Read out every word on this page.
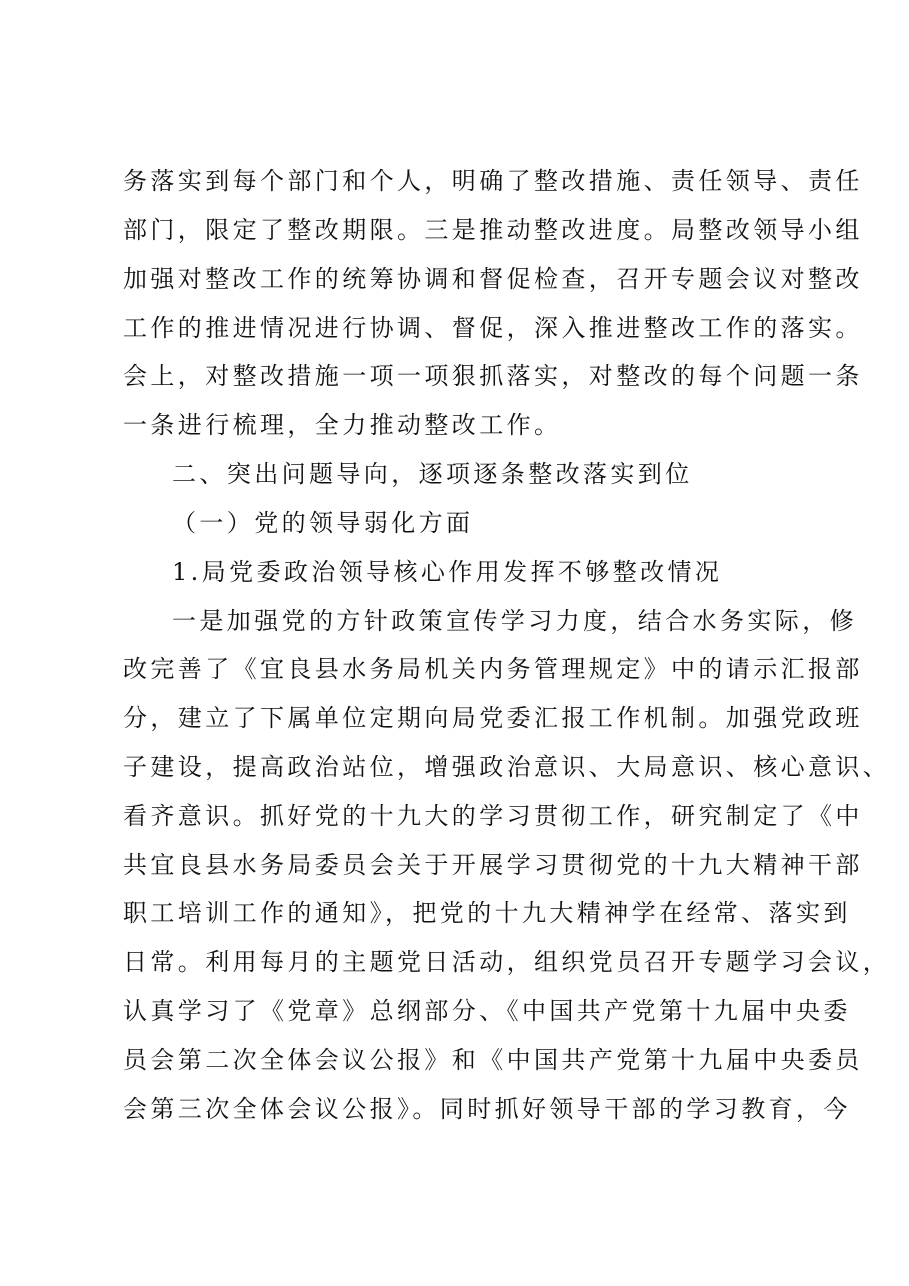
务落实到每个部门和个人，明确了整改措施、责任领导、责任
部门，限定了整改期限。三是推动整改进度。局整改领导小组
加强对整改工作的统筹协调和督促检查，召开专题会议对整改
工作的推进情况进行协调、督促，深入推进整改工作的落实。
会上，对整改措施一项一项狠抓落实，对整改的每个问题一条
一条进行梳理，全力推动整改工作。
二、突出问题导向，逐项逐条整改落实到位
（一）党的领导弱化方面
1.局党委政治领导核心作用发挥不够整改情况
一是加强党的方针政策宣传学习力度，结合水务实际，修
改完善了《宜良县水务局机关内务管理规定》中的请示汇报部
分，建立了下属单位定期向局党委汇报工作机制。加强党政班
子建设，提高政治站位，增强政治意识、大局意识、核心意识、
看齐意识。抓好党的十九大的学习贯彻工作，研究制定了《中
共宜良县水务局委员会关于开展学习贯彻党的十九大精神干部
职工培训工作的通知》，把党的十九大精神学在经常、落实到
日常。利用每月的主题党日活动，组织党员召开专题学习会议，
认真学习了《党章》总纲部分、《中国共产党第十九届中央委
员会第二次全体会议公报》和《中国共产党第十九届中央委员
会第三次全体会议公报》。同时抓好领导干部的学习教育，今
